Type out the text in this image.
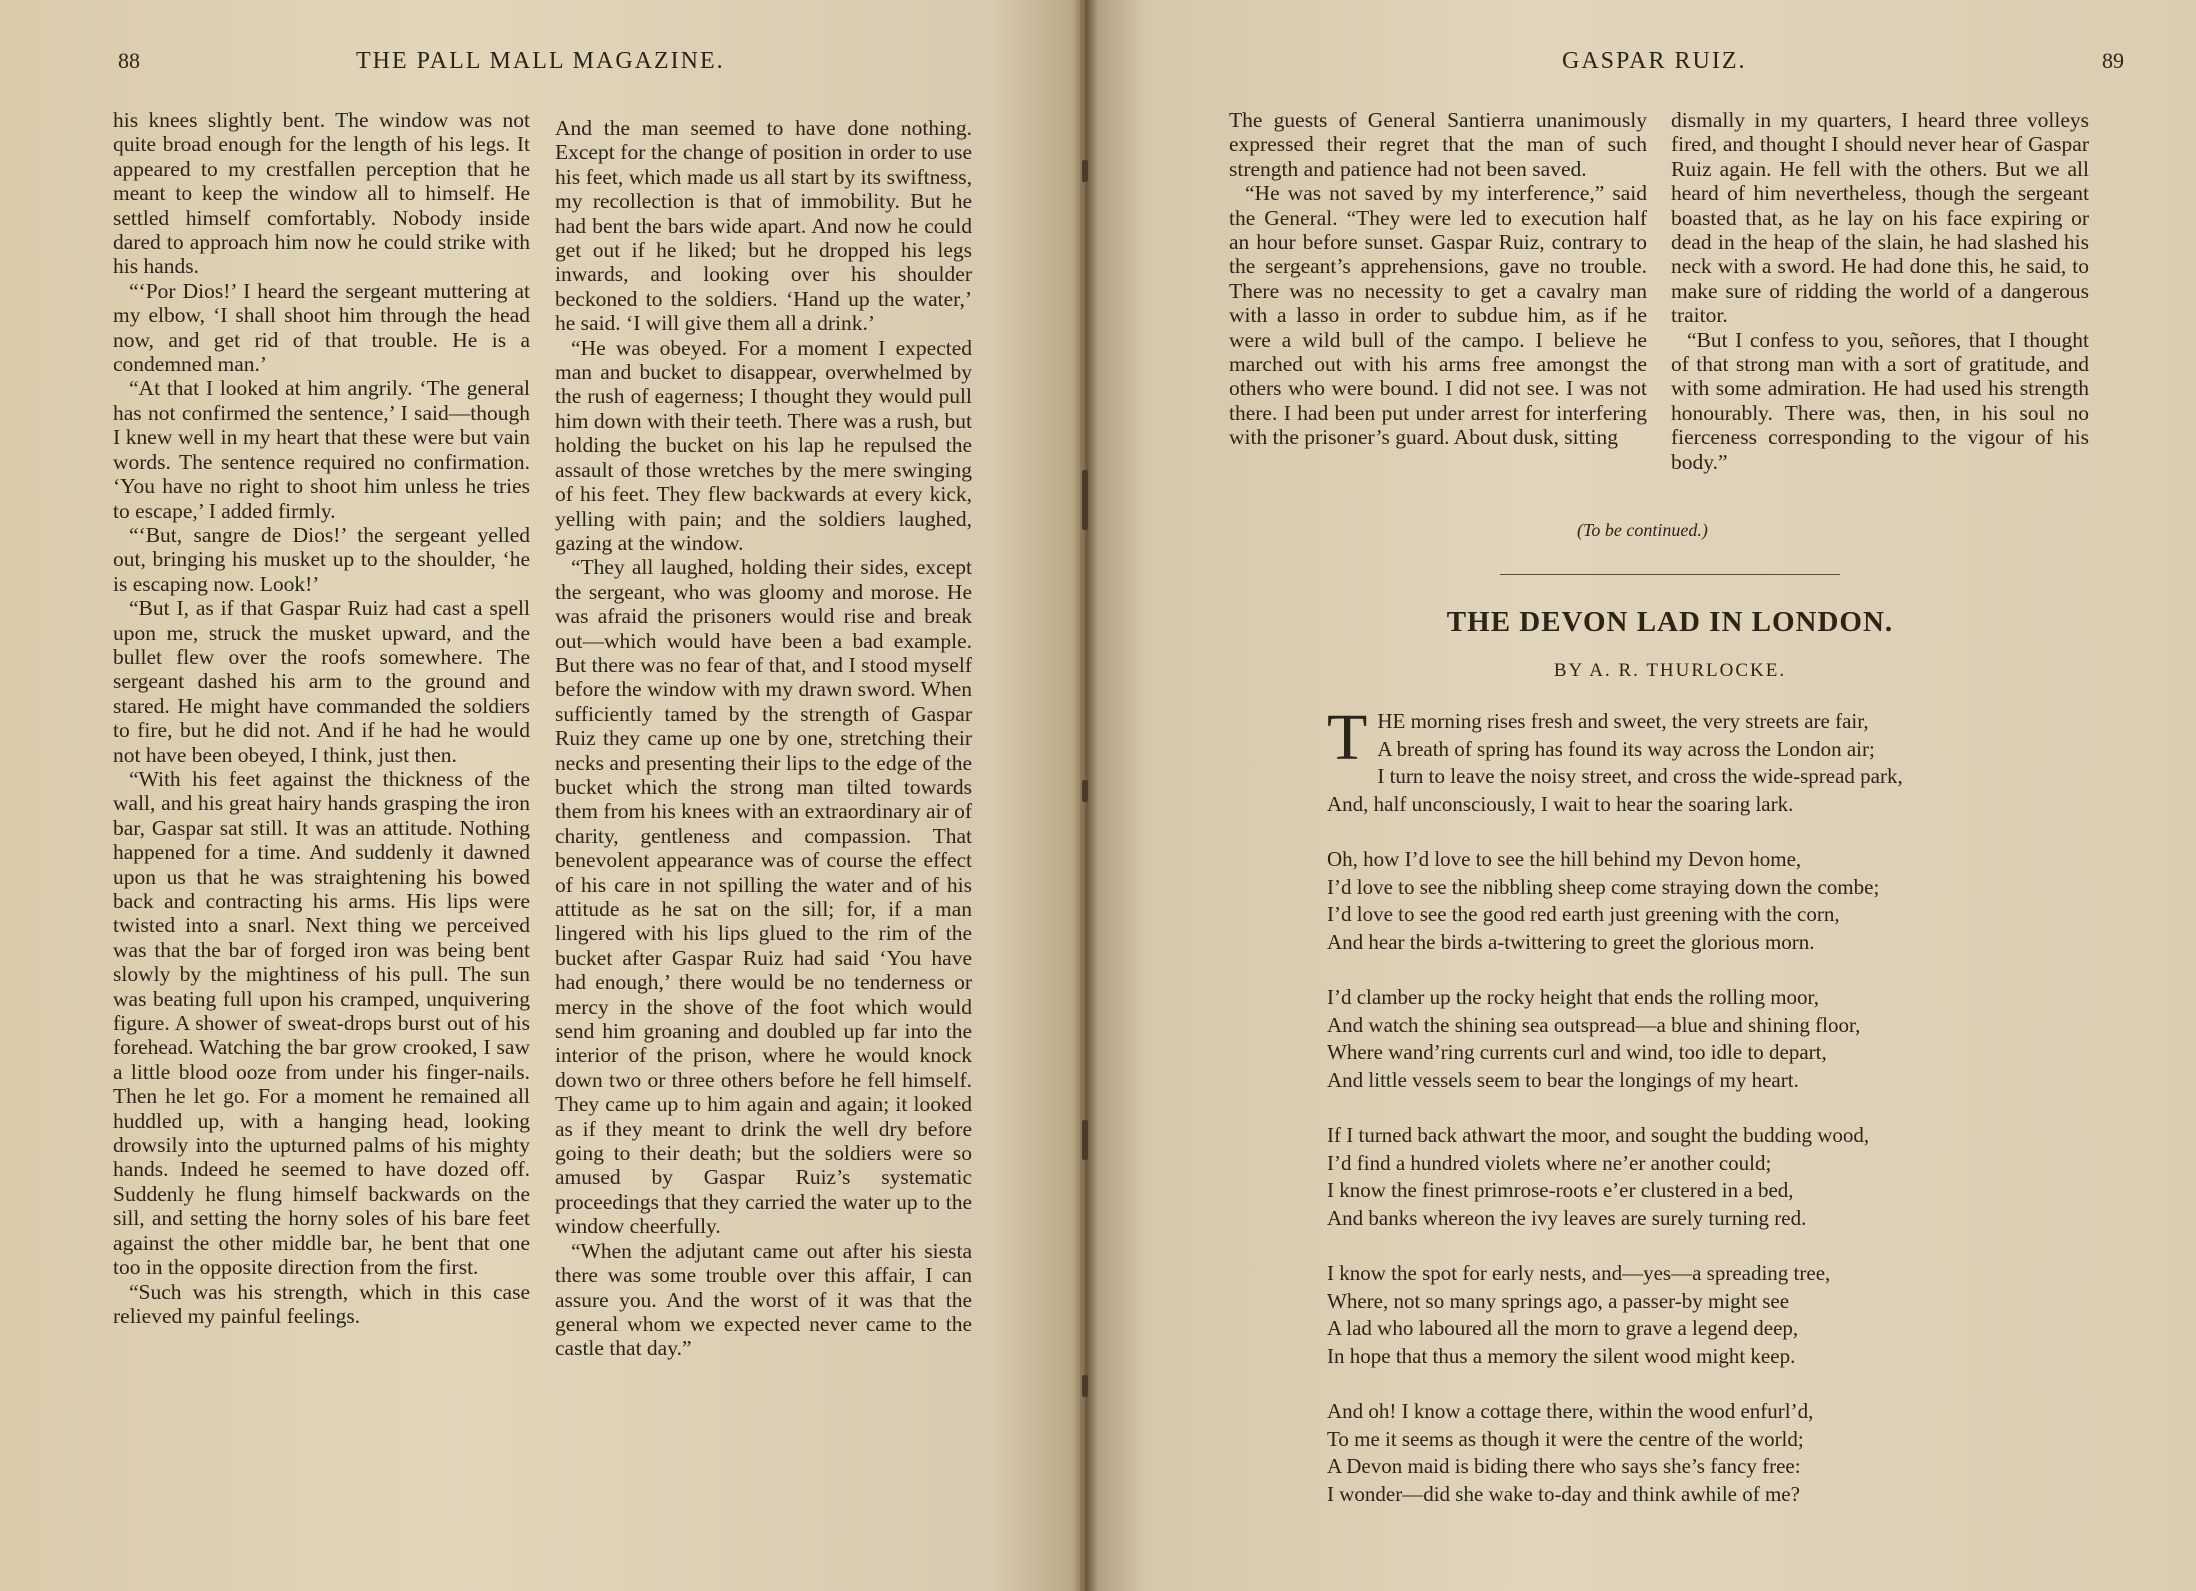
88	THE PALL MALL MAGAZINE.

his knees slightly bent. The window was not quite broad enough for the length of his legs. It appeared to my crestfallen perception that he meant to keep the window all to himself. He settled himself comfortably. Nobody inside dared to approach him now he could strike with his hands.

“‘Por Dios!’ I heard the sergeant muttering at my elbow, ‘I shall shoot him through the head now, and get rid of that trouble. He is a condemned man.’

“At that I looked at him angrily. ‘The general has not confirmed the sentence,’ I said—though I knew well in my heart that these were but vain words. The sentence required no confirmation. ‘You have no right to shoot him unless he tries to escape,’ I added firmly.

“‘But, sangre de Dios!’ the sergeant yelled out, bringing his musket up to the shoulder, ‘he is escaping now. Look!’

“But I, as if that Gaspar Ruiz had cast a spell upon me, struck the musket upward, and the bullet flew over the roofs somewhere. The sergeant dashed his arm to the ground and stared. He might have commanded the soldiers to fire, but he did not. And if he had he would not have been obeyed, I think, just then.

“With his feet against the thickness of the wall, and his great hairy hands grasping the iron bar, Gaspar sat still. It was an attitude. Nothing happened for a time. And suddenly it dawned upon us that he was straightening his bowed back and contracting his arms. His lips were twisted into a snarl. Next thing we perceived was that the bar of forged iron was being bent slowly by the mightiness of his pull. The sun was beating full upon his cramped, unquivering figure. A shower of sweat-drops burst out of his forehead. Watching the bar grow crooked, I saw a little blood ooze from under his finger-nails. Then he let go. For a moment he remained all huddled up, with a hanging head, looking drowsily into the upturned palms of his mighty hands. Indeed he seemed to have dozed off. Suddenly he flung himself backwards on the sill, and setting the horny soles of his bare feet against the other middle bar, he bent that one too in the opposite direction from the first.

“Such was his strength, which in this case relieved my painful feelings.

And the man seemed to have done nothing. Except for the change of position in order to use his feet, which made us all start by its swiftness, my recollection is that of immobility. But he had bent the bars wide apart. And now he could get out if he liked; but he dropped his legs inwards, and looking over his shoulder beckoned to the soldiers. ‘Hand up the water,’ he said. ‘I will give them all a drink.’

“He was obeyed. For a moment I expected man and bucket to disappear, overwhelmed by the rush of eagerness; I thought they would pull him down with their teeth. There was a rush, but holding the bucket on his lap he repulsed the assault of those wretches by the mere swinging of his feet. They flew backwards at every kick, yelling with pain; and the soldiers laughed, gazing at the window.

“They all laughed, holding their sides, except the sergeant, who was gloomy and morose. He was afraid the prisoners would rise and break out—which would have been a bad example. But there was no fear of that, and I stood myself before the window with my drawn sword. When sufficiently tamed by the strength of Gaspar Ruiz they came up one by one, stretching their necks and presenting their lips to the edge of the bucket which the strong man tilted towards them from his knees with an extraordinary air of charity, gentleness and compassion. That benevolent appearance was of course the effect of his care in not spilling the water and of his attitude as he sat on the sill; for, if a man lingered with his lips glued to the rim of the bucket after Gaspar Ruiz had said ‘You have had enough,’ there would be no tenderness or mercy in the shove of the foot which would send him groaning and doubled up far into the interior of the prison, where he would knock down two or three others before he fell himself. They came up to him again and again; it looked as if they meant to drink the well dry before going to their death; but the soldiers were so amused by Gaspar Ruiz’s systematic proceedings that they carried the water up to the window cheerfully.

“When the adjutant came out after his siesta there was some trouble over this affair, I can assure you. And the worst of it was that the general whom we expected never came to the castle that day.”

GASPAR RUIZ.	89

The guests of General Santierra unanimously expressed their regret that the man of such strength and patience had not been saved.

“He was not saved by my interference,” said the General. “They were led to execution half an hour before sunset. Gaspar Ruiz, contrary to the sergeant’s apprehensions, gave no trouble. There was no necessity to get a cavalry man with a lasso in order to subdue him, as if he were a wild bull of the campo. I believe he marched out with his arms free amongst the others who were bound. I did not see. I was not there. I had been put under arrest for interfering with the prisoner’s guard. About dusk, sitting

dismally in my quarters, I heard three volleys fired, and thought I should never hear of Gaspar Ruiz again. He fell with the others. But we all heard of him nevertheless, though the sergeant boasted that, as he lay on his face expiring or dead in the heap of the slain, he had slashed his neck with a sword. He had done this, he said, to make sure of ridding the world of a dangerous traitor.

“But I confess to you, señores, that I thought of that strong man with a sort of gratitude, and with some admiration. He had used his strength honourably. There was, then, in his soul no fierceness corresponding to the vigour of his body.”

(To be continued.)
THE DEVON LAD IN LONDON.
BY A. R. THURLOCKE.
T HE morning rises fresh and sweet, the very streets are fair,
A breath of spring has found its way across the London air;
I turn to leave the noisy street, and cross the wide-spread park,
And, half unconsciously, I wait to hear the soaring lark.
Oh, how I’d love to see the hill behind my Devon home,
I’d love to see the nibbling sheep come straying down the combe;
I’d love to see the good red earth just greening with the corn,
And hear the birds a-twittering to greet the glorious morn.
I’d clamber up the rocky height that ends the rolling moor,
And watch the shining sea outspread—a blue and shining floor,
Where wand’ring currents curl and wind, too idle to depart,
And little vessels seem to bear the longings of my heart.
If I turned back athwart the moor, and sought the budding wood,
I’d find a hundred violets where ne’er another could;
I know the finest primrose-roots e’er clustered in a bed,
And banks whereon the ivy leaves are surely turning red.
I know the spot for early nests, and—yes—a spreading tree,
Where, not so many springs ago, a passer-by might see
A lad who laboured all the morn to grave a legend deep,
In hope that thus a memory the silent wood might keep.
And oh! I know a cottage there, within the wood enfurl’d,
To me it seems as though it were the centre of the world;
A Devon maid is biding there who says she’s fancy free:
I wonder—did she wake to-day and think awhile of me?
